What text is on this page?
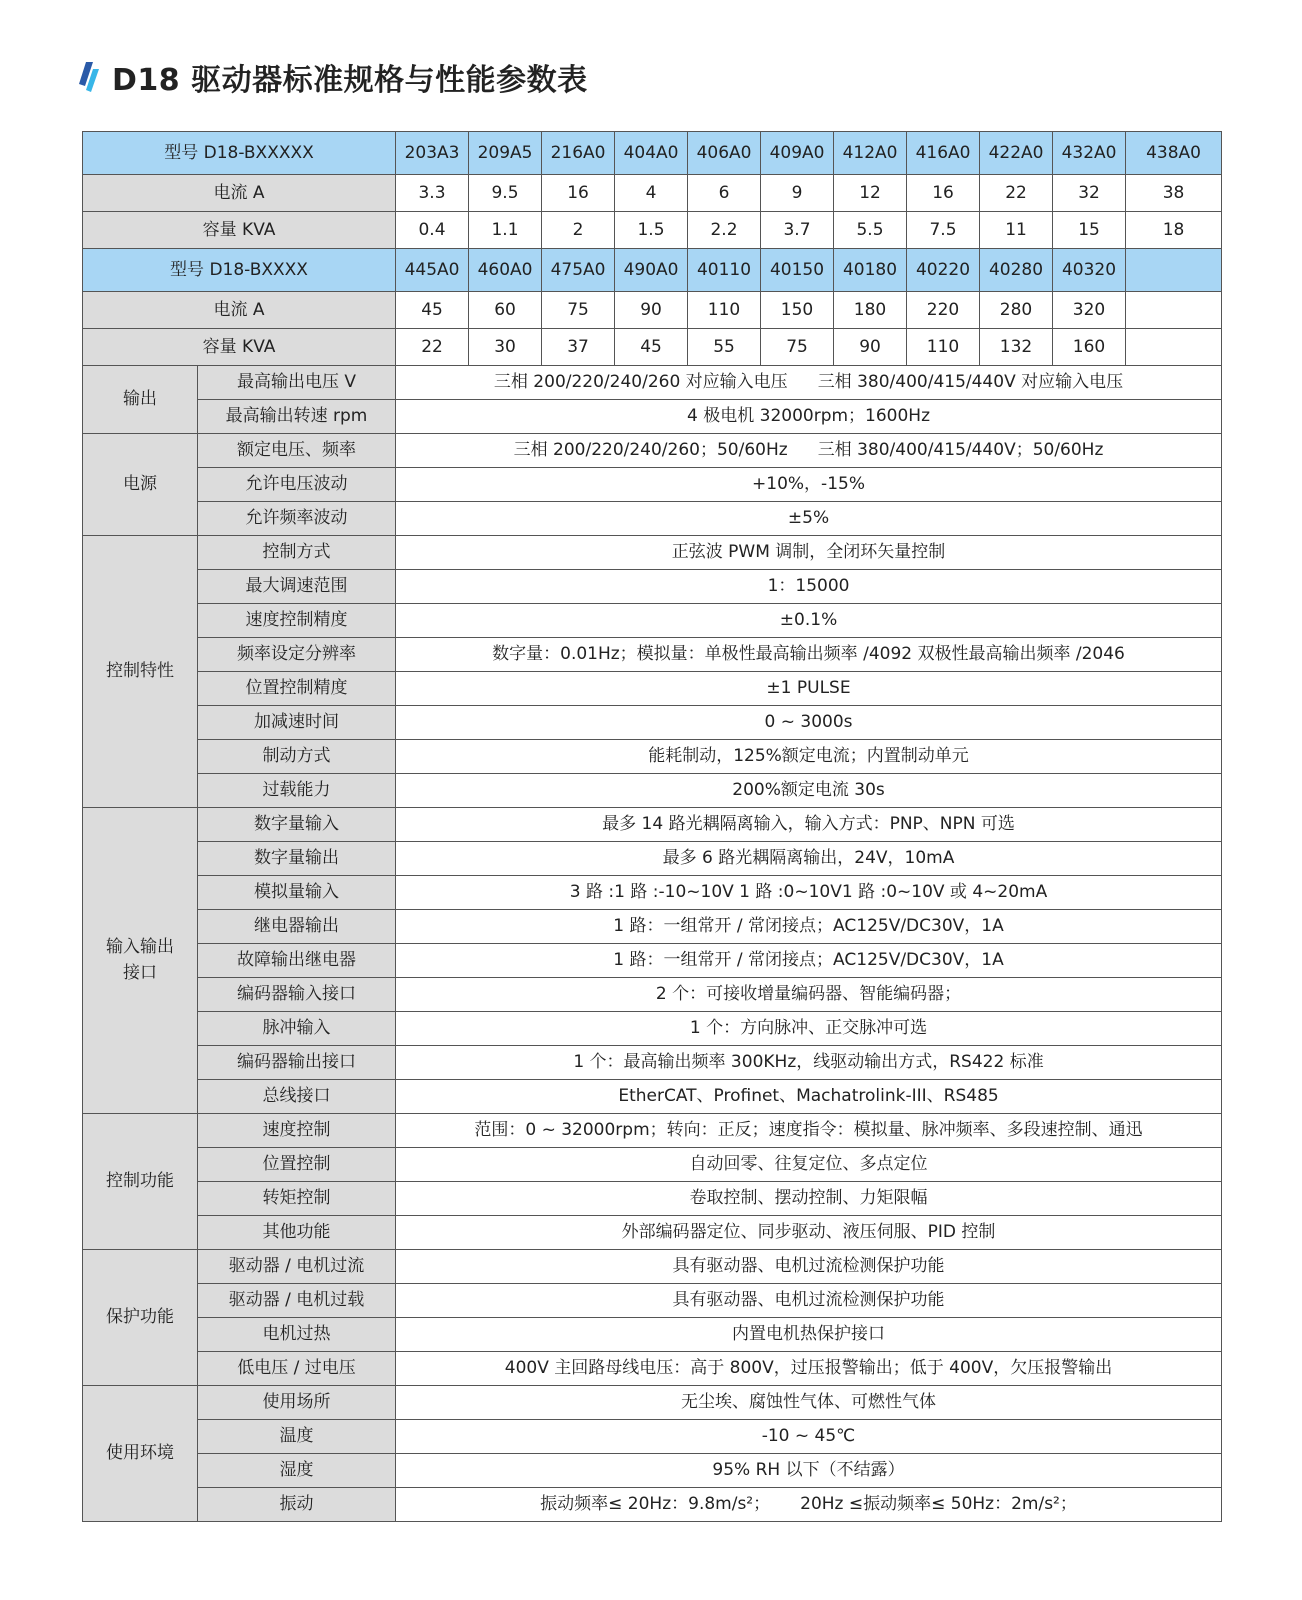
D18 驱动器标准规格与性能参数表
型号 D18-BXXXXX		203A3	209A5	216A0	404A0	406A0	409A0	412A0	416A0	422A0	432A0	438A0
电流 A		3.3	9.5	16	4	6	9	12	16	22	32	38
容量 KVA		0.4	1.1	2	1.5	2.2	3.7	5.5	7.5	11	15	18
型号 D18-BXXXX		445A0	460A0	475A0	490A0	40110	40150	40180	40220	40280	40320	
电流 A		45	60	75	90	110	150	180	220	280	320	
容量 KVA		22	30	37	45	55	75	90	110	132	160	
输出	最高输出电压 V	三相 200/220/240/260 对应输入电压 三相 380/400/415/440V 对应输入电压										
	最高输出转速 rpm	4 极电机 32000rpm；1600Hz										
电源	额定电压、频率	三相 200/220/240/260；50/60Hz 三相 380/400/415/440V；50/60Hz										
	允许电压波动	+10%，-15%										
	允许频率波动	±5%										
控制特性	控制方式	正弦波 PWM 调制，全闭环矢量控制										
	最大调速范围	1：15000										
	速度控制精度	±0.1%										
	频率设定分辨率	数字量：0.01Hz；模拟量：单极性最高输出频率 /4092 双极性最高输出频率 /2046										
	位置控制精度	±1 PULSE										
	加减速时间	0 ~ 3000s										
	制动方式	能耗制动，125%额定电流；内置制动单元										
	过载能力	200%额定电流 30s										
输入输出接口	数字量输入	最多 14 路光耦隔离输入，输入方式：PNP、NPN 可选										
	数字量输出	最多 6 路光耦隔离输出，24V，10mA										
	模拟量输入	3 路 :1 路 :-10~10V 1 路 :0~10V1 路 :0~10V 或 4~20mA										
	继电器输出	1 路：一组常开 / 常闭接点；AC125V/DC30V，1A										
	故障输出继电器	1 路：一组常开 / 常闭接点；AC125V/DC30V，1A										
	编码器输入接口	2 个：可接收增量编码器、智能编码器；										
	脉冲输入	1 个：方向脉冲、正交脉冲可选										
	编码器输出接口	1 个：最高输出频率 300KHz，线驱动输出方式，RS422 标准										
	总线接口	EtherCAT、Profinet、Machatrolink-III、RS485										
控制功能	速度控制	范围：0 ~ 32000rpm；转向：正反；速度指令：模拟量、脉冲频率、多段速控制、通迅										
	位置控制	自动回零、往复定位、多点定位										
	转矩控制	卷取控制、摆动控制、力矩限幅										
	其他功能	外部编码器定位、同步驱动、液压伺服、PID 控制										
保护功能	驱动器 / 电机过流	具有驱动器、电机过流检测保护功能										
	驱动器 / 电机过载	具有驱动器、电机过流检测保护功能										
	电机过热	内置电机热保护接口										
	低电压 / 过电压	400V 主回路母线电压：高于 800V，过压报警输出；低于 400V，欠压报警输出										
使用环境	使用场所	无尘埃、腐蚀性气体、可燃性气体										
	温度	-10 ~ 45℃										
	湿度	95% RH 以下（不结露）										
	振动	振动频率≤ 20Hz：9.8m/s²； 20Hz ≤振动频率≤ 50Hz：2m/s²；										
